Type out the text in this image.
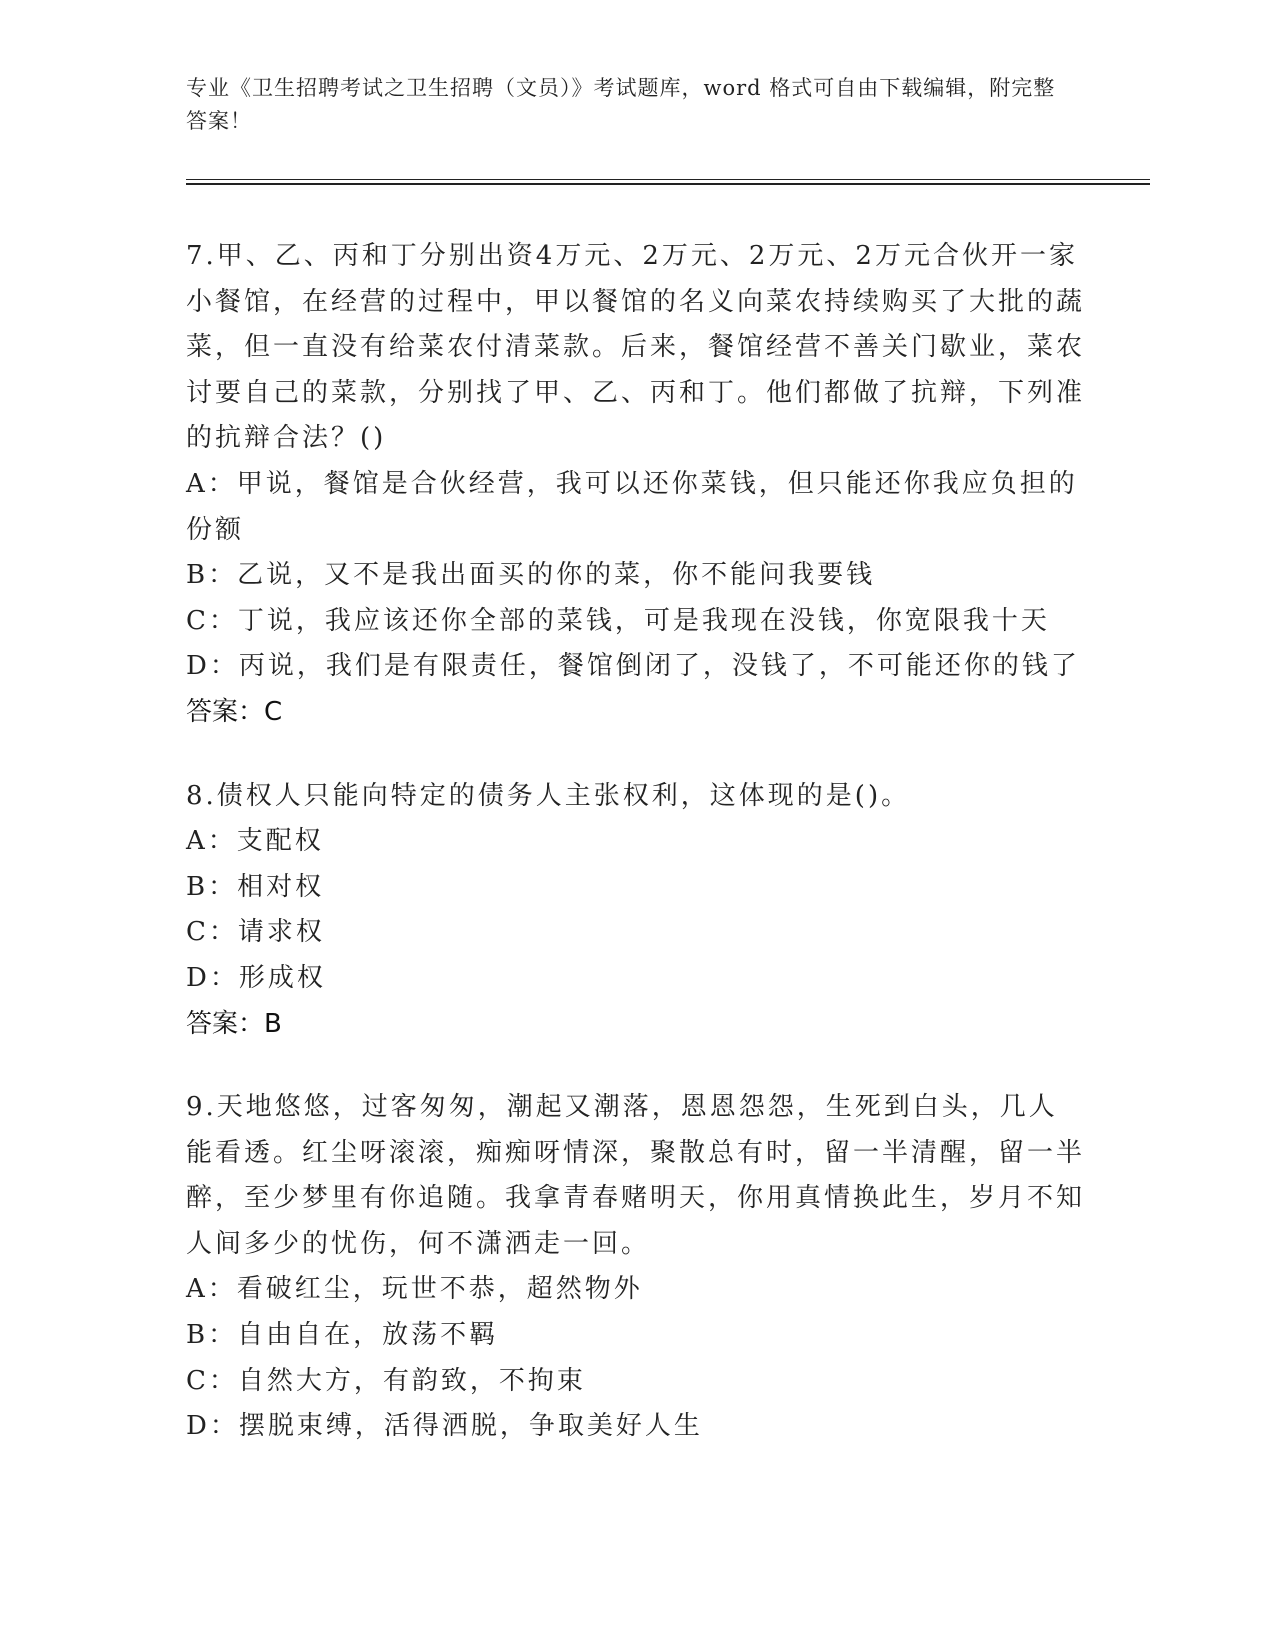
专业《卫生招聘考试之卫生招聘（文员）》考试题库，word 格式可自由下载编辑，附完整答案！
7.甲、乙、丙和丁分别出资4万元、2万元、2万元、2万元合伙开一家小餐馆，在经营的过程中，甲以餐馆的名义向菜农持续购买了大批的蔬菜，但一直没有给菜农付清菜款。后来，餐馆经营不善关门歇业，菜农讨要自己的菜款，分别找了甲、乙、丙和丁。他们都做了抗辩，下列准的抗辩合法？()
A：甲说，餐馆是合伙经营，我可以还你菜钱，但只能还你我应负担的份额
B：乙说，又不是我出面买的你的菜，你不能问我要钱
C：丁说，我应该还你全部的菜钱，可是我现在没钱，你宽限我十天
D：丙说，我们是有限责任，餐馆倒闭了，没钱了，不可能还你的钱了
答案：C
8.债权人只能向特定的债务人主张权利，这体现的是()。
A：支配权
B：相对权
C：请求权
D：形成权
答案：B
9.天地悠悠，过客匆匆，潮起又潮落，恩恩怨怨，生死到白头，几人能看透。红尘呀滚滚，痴痴呀情深，聚散总有时，留一半清醒，留一半醉，至少梦里有你追随。我拿青春赌明天，你用真情换此生，岁月不知人间多少的忧伤，何不潇洒走一回。
A：看破红尘，玩世不恭，超然物外
B：自由自在，放荡不羁
C：自然大方，有韵致，不拘束
D：摆脱束缚，活得洒脱，争取美好人生
